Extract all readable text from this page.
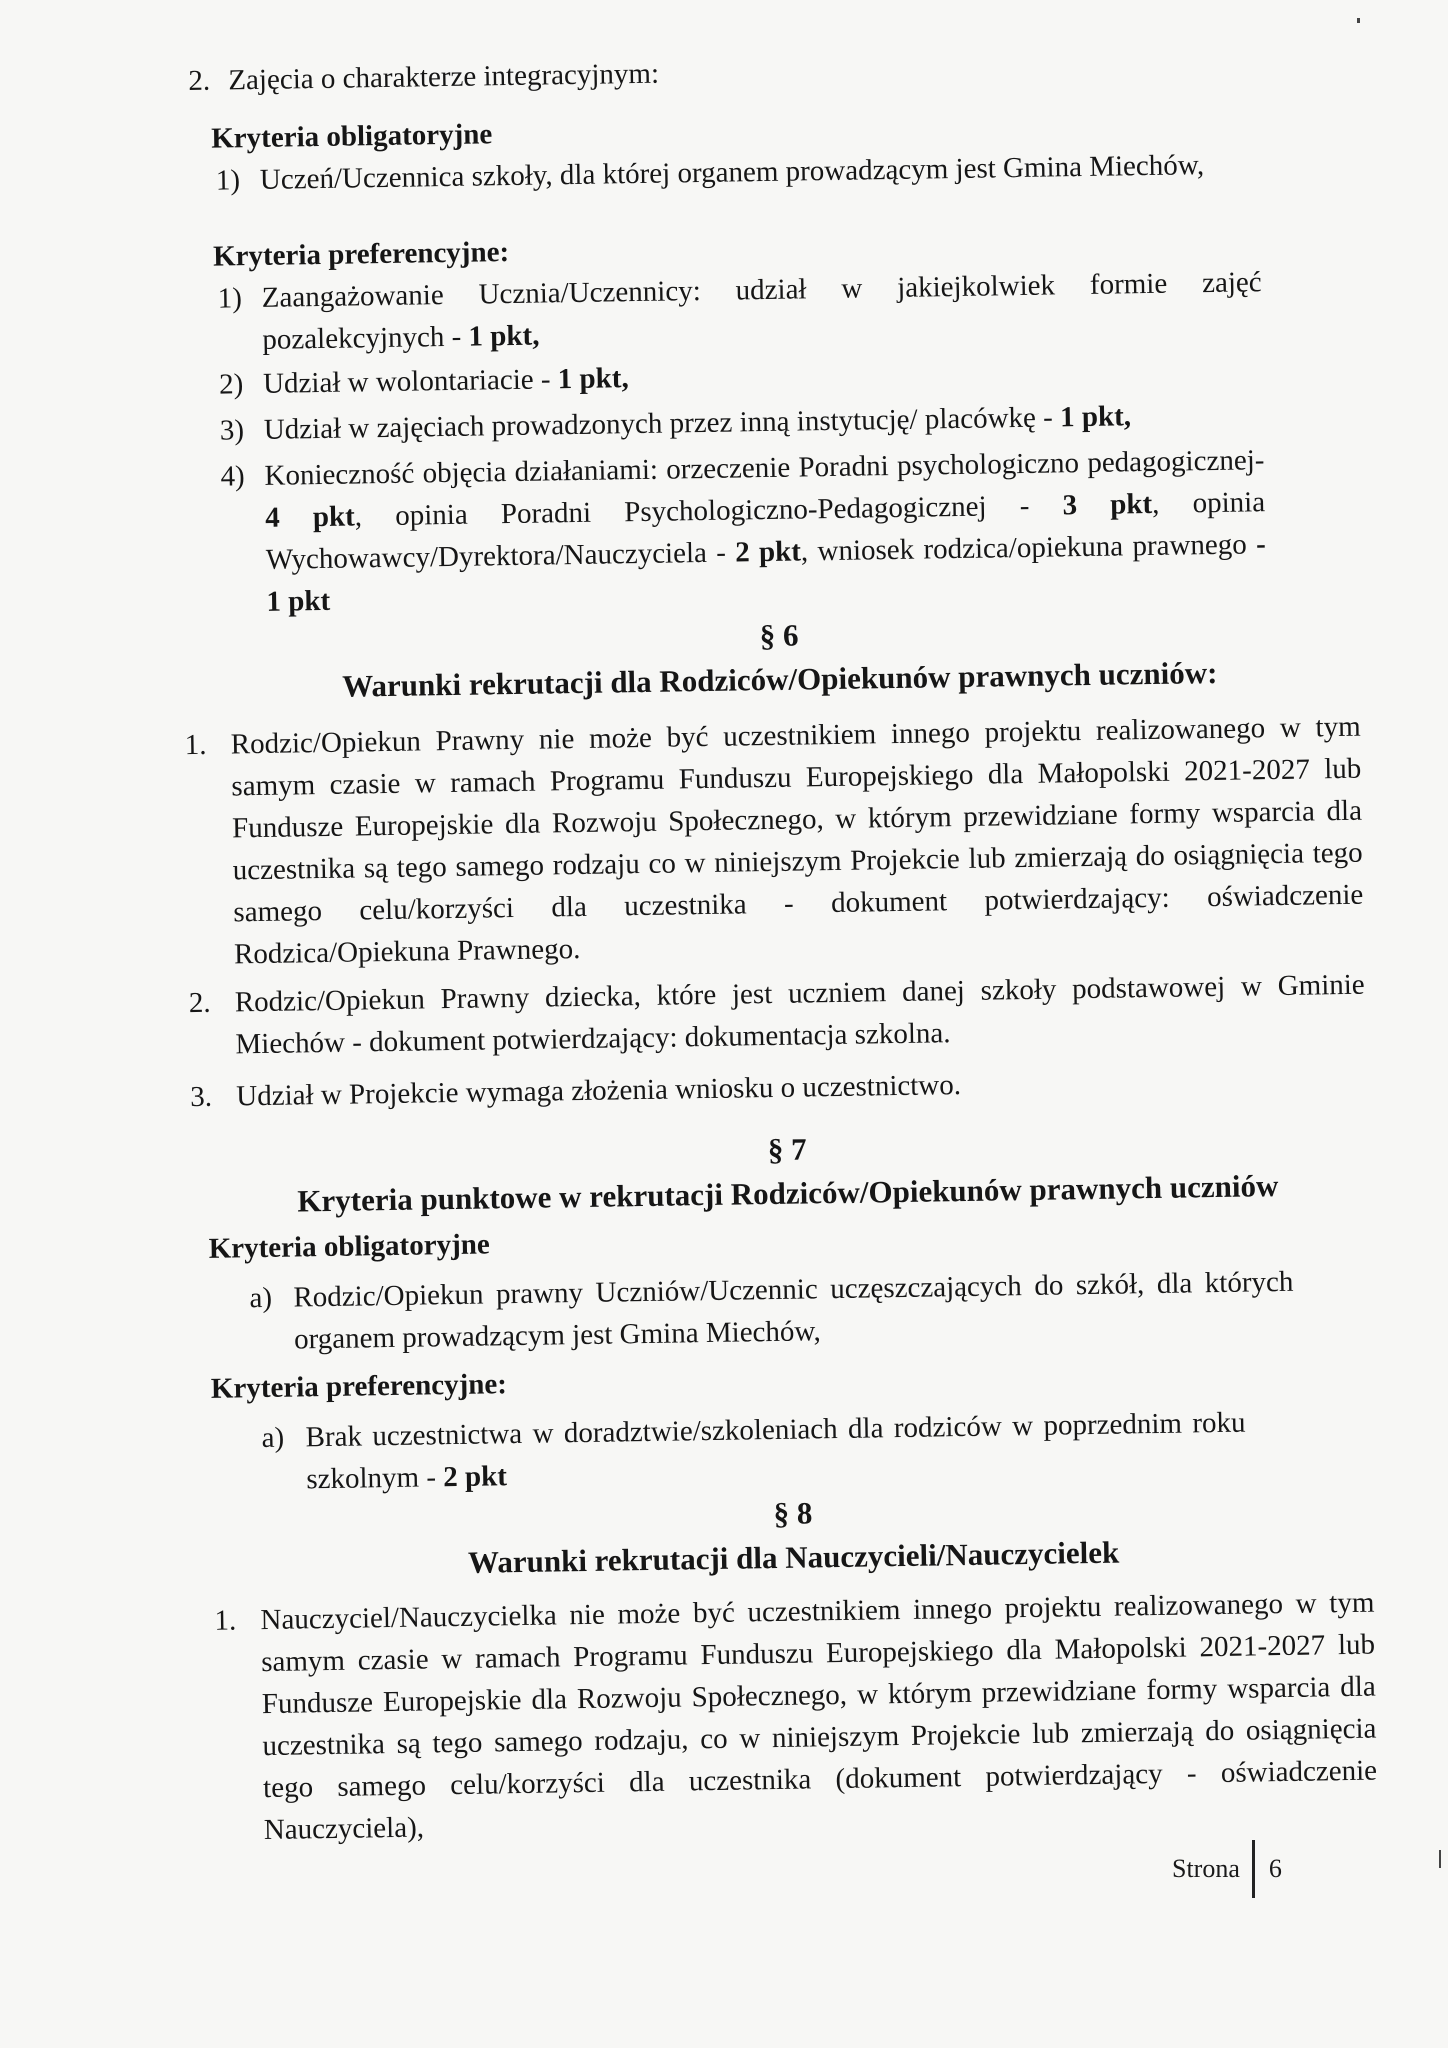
2. Zajęcia o charakterze integracyjnym:

Kryteria obligatoryjne

1) Uczeń/Uczennica szkoły, dla której organem prowadzącym jest Gmina Miechów,

Kryteria preferencyjne:

1) Zaangażowanie Ucznia/Uczennicy: udział w jakiejkolwiek formie zajęć pozalekcyjnych - 1 pkt,
2) Udział w wolontariacie - 1 pkt,
3) Udział w zajęciach prowadzonych przez inną instytucję/ placówkę - 1 pkt,
4) Konieczność objęcia działaniami: orzeczenie Poradni psychologiczno pedagogicznej-4 pkt, opinia Poradni Psychologiczno-Pedagogicznej - 3 pkt, opinia Wychowawcy/Dyrektora/Nauczyciela - 2 pkt, wniosek rodzica/opiekuna prawnego - 1 pkt

§ 6

Warunki rekrutacji dla Rodziców/Opiekunów prawnych uczniów:

1. Rodzic/Opiekun Prawny nie może być uczestnikiem innego projektu realizowanego w tym samym czasie w ramach Programu Funduszu Europejskiego dla Małopolski 2021-2027 lub Fundusze Europejskie dla Rozwoju Społecznego, w którym przewidziane formy wsparcia dla uczestnika są tego samego rodzaju co w niniejszym Projekcie lub zmierzają do osiągnięcia tego samego celu/korzyści dla uczestnika - dokument potwierdzający: oświadczenie Rodzica/Opiekuna Prawnego.
2. Rodzic/Opiekun Prawny dziecka, które jest uczniem danej szkoły podstawowej w Gminie Miechów - dokument potwierdzający: dokumentacja szkolna.
3. Udział w Projekcie wymaga złożenia wniosku o uczestnictwo.

§ 7

Kryteria punktowe w rekrutacji Rodziców/Opiekunów prawnych uczniów

Kryteria obligatoryjne

a) Rodzic/Opiekun prawny Uczniów/Uczennic uczęszczających do szkół, dla których organem prowadzącym jest Gmina Miechów,

Kryteria preferencyjne:

a) Brak uczestnictwa w doradztwie/szkoleniach dla rodziców w poprzednim roku szkolnym - 2 pkt

§ 8

Warunki rekrutacji dla Nauczycieli/Nauczycielek

1. Nauczyciel/Nauczycielka nie może być uczestnikiem innego projektu realizowanego w tym samym czasie w ramach Programu Funduszu Europejskiego dla Małopolski 2021-2027 lub Fundusze Europejskie dla Rozwoju Społecznego, w którym przewidziane formy wsparcia dla uczestnika są tego samego rodzaju, co w niniejszym Projekcie lub zmierzają do osiągnięcia tego samego celu/korzyści dla uczestnika (dokument potwierdzający - oświadczenie Nauczyciela),
Strona 6
